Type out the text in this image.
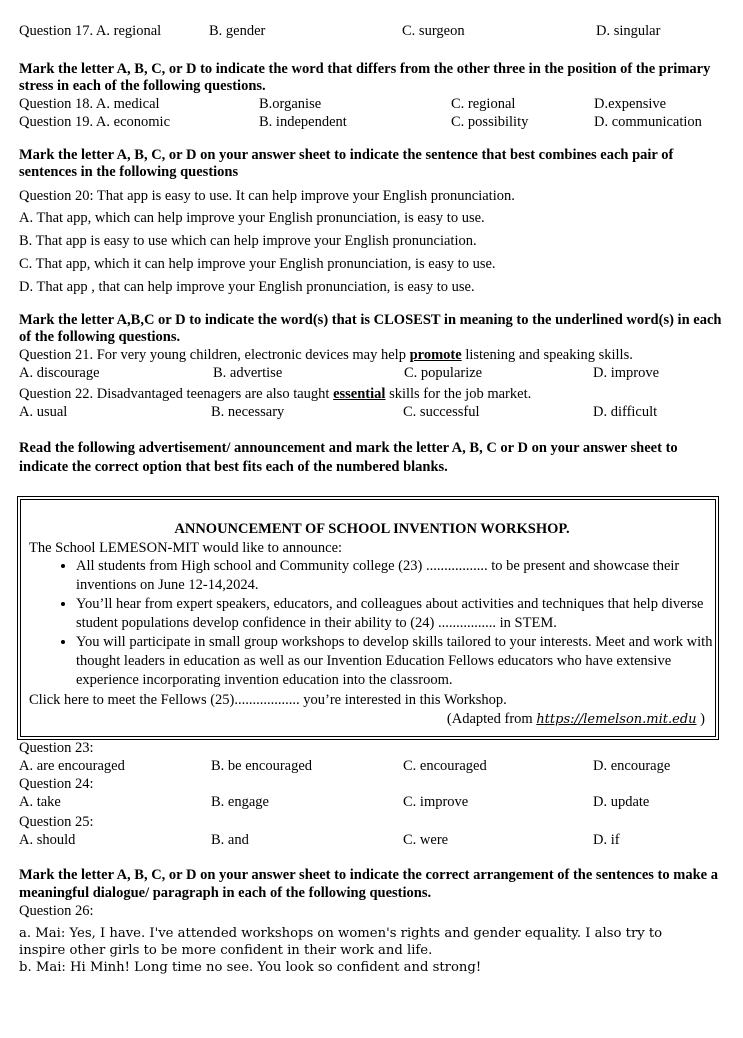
Question 17. A. regional	B. gender	C. surgeon	D. singular

Mark the letter A, B, C, or D to indicate the word that differs from the other three in the position of the primary stress in each of the following questions.

Question 18. A. medical	B.organise	C. regional	D.expensive
Question 19. A. economic	B. independent	C. possibility	D. communication

Mark the letter A, B, C, or D on your answer sheet to indicate the sentence that best combines each pair of sentences in the following questions

Question 20: That app is easy to use. It can help improve your English pronunciation.

A. That app, which can help improve your English pronunciation, is easy to use.

B. That app is easy to use which can help improve your English pronunciation.

C. That app, which it can help improve your English pronunciation, is easy to use.

D. That app , that can help improve your English pronunciation, is easy to use.

Mark the letter A,B,C or D to indicate the word(s) that is CLOSEST in meaning to the underlined word(s) in each of the following questions.

Question 21. For very young children, electronic devices may help promote listening and speaking skills.

A. discourage	B. advertise	C. popularize	D. improve

Question 22. Disadvantaged teenagers are also taught essential skills for the job market.

A. usual	B. necessary	C. successful	D. difficult

Read the following advertisement/ announcement and mark the letter A, B, C or D on your answer sheet to indicate the correct option that best fits each of the numbered blanks.

ANNOUNCEMENT OF SCHOOL INVENTION WORKSHOP.

The School LEMESON-MIT would like to announce:

• All students from High school and Community college (23) ................. to be present and showcase their inventions on June 12-14,2024.
• You’ll hear from expert speakers, educators, and colleagues about activities and techniques that help diverse student populations develop confidence in their ability to (24) ................ in STEM.
• You will participate in small group workshops to develop skills tailored to your interests. Meet and work with thought leaders in education as well as our Invention Education Fellows educators who have extensive experience incorporating invention education into the classroom.

Click here to meet the Fellows (25).................. you’re interested in this Workshop.

(Adapted from https://lemelson.mit.edu )

Question 23:

A. are encouraged	B. be encouraged	C. encouraged	D. encourage

Question 24:

A. take	B. engage	C. improve	D. update

Question 25:

A. should	B. and	C. were	D. if

Mark the letter A, B, C, or D on your answer sheet to indicate the correct arrangement of the sentences to make a meaningful dialogue/ paragraph in each of the following questions.

Question 26:

a. Mai: Yes, I have. I've attended workshops on women's rights and gender equality. I also try to inspire other girls to be more confident in their work and life.

b. Mai: Hi Minh! Long time no see. You look so confident and strong!
